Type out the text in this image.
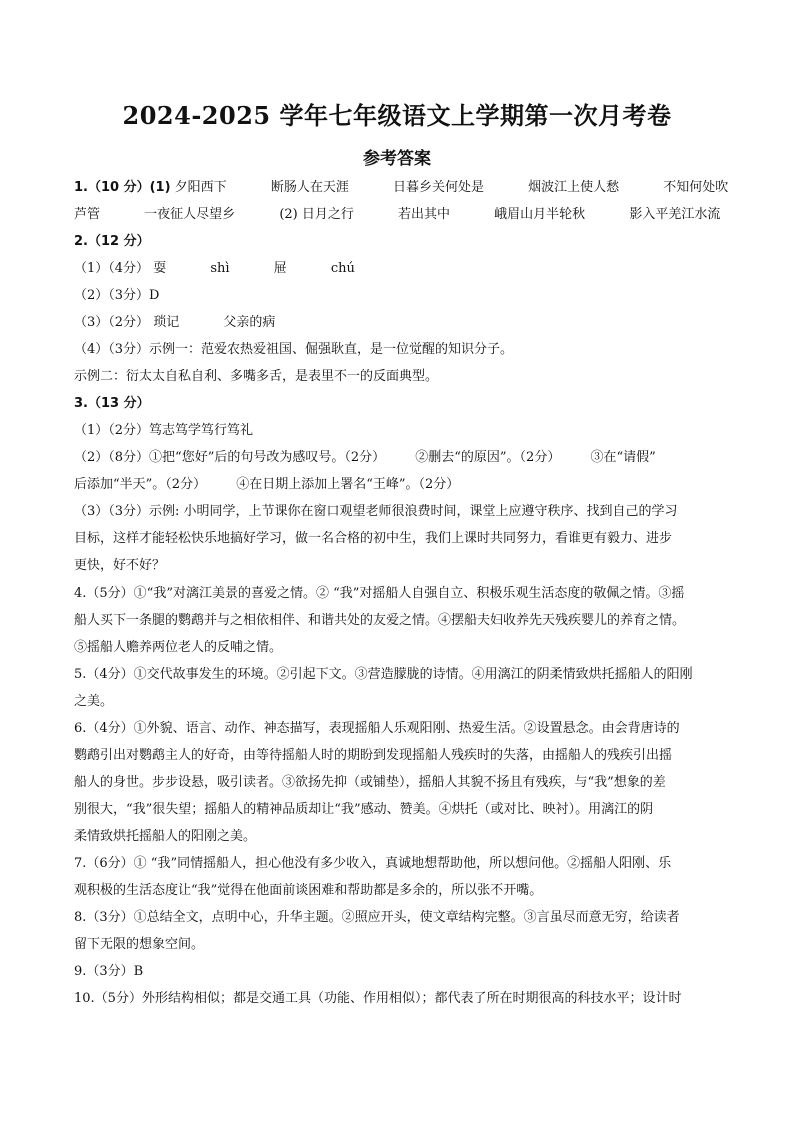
2024-2025 学年七年级语文上学期第一次月考卷
参考答案
1.（10 分）(1) 夕阳西下	断肠人在天涯	日暮乡关何处是	烟波江上使人愁	不知何处吹
芦管	一夜征人尽望乡	(2) 日月之行	若出其中	峨眉山月半轮秋	影入平羌江水流
2.（12 分）
（1）（4分） 耍	shì	屉	chú
（2）（3分）D
（3）（2分） 琐记	父亲的病
（4）（3分）示例一：范爱农热爱祖国、倔强耿直，是一位觉醒的知识分子。
示例二：衍太太自私自利、多嘴多舌，是表里不一的反面典型。
3.（13 分）
（1）（2分）笃志笃学笃行笃礼
（2）（8分）①把“您好”后的句号改为感叹号。（2分） ②删去“的原因”。（2分） ③在“请假”
后添加“半天”。（2分） ④在日期上添加上署名“王峰”。（2分）
（3）（3分）示例: 小明同学，上节课你在窗口观望老师很浪费时间，课堂上应遵守秩序、找到自己的学习
目标，这样才能轻松快乐地搞好学习，做一名合格的初中生，我们上课时共同努力，看谁更有毅力、进步
更快，好不好？
4.（5分）①“我”对漓江美景的喜爱之情。② “我”对摇船人自强自立、积极乐观生活态度的敬佩之情。③摇
船人买下一条腿的鹦鹉并与之相依相伴、和谐共处的友爱之情。④摆船夫妇收养先天残疾婴儿的养育之情。
⑤摇船人赡养两位老人的反哺之情。
5.（4分）①交代故事发生的环境。②引起下文。③营造朦胧的诗情。④用漓江的阴柔情致烘托摇船人的阳刚
之美。
6.（4分）①外貌、语言、动作、神态描写，表现摇船人乐观阳刚、热爱生活。②设置悬念。由会背唐诗的
鹦鹉引出对鹦鹉主人的好奇，由等待摇船人时的期盼到发现摇船人残疾时的失落，由摇船人的残疾引出摇
船人的身世。步步设悬，吸引读者。③欲扬先抑（或铺垫），摇船人其貌不扬且有残疾，与“我”想象的差
别很大，“我”很失望；摇船人的精神品质却让“我”感动、赞美。④烘托（或对比、映衬）。用漓江的阴
柔情致烘托摇船人的阳刚之美。
7.（6分）① “我”同情摇船人，担心他没有多少收入，真诚地想帮助他，所以想问他。②摇船人阳刚、乐
观积极的生活态度让“我”觉得在他面前谈困难和帮助都是多余的，所以张不开嘴。
8.（3分）①总结全文，点明中心，升华主题。②照应开头，使文章结构完整。③言虽尽而意无穷，给读者
留下无限的想象空间。
9.（3分）B
10.（5分）外形结构相似；都是交通工具（功能、作用相似）；都代表了所在时期很高的科技水平；设计时
